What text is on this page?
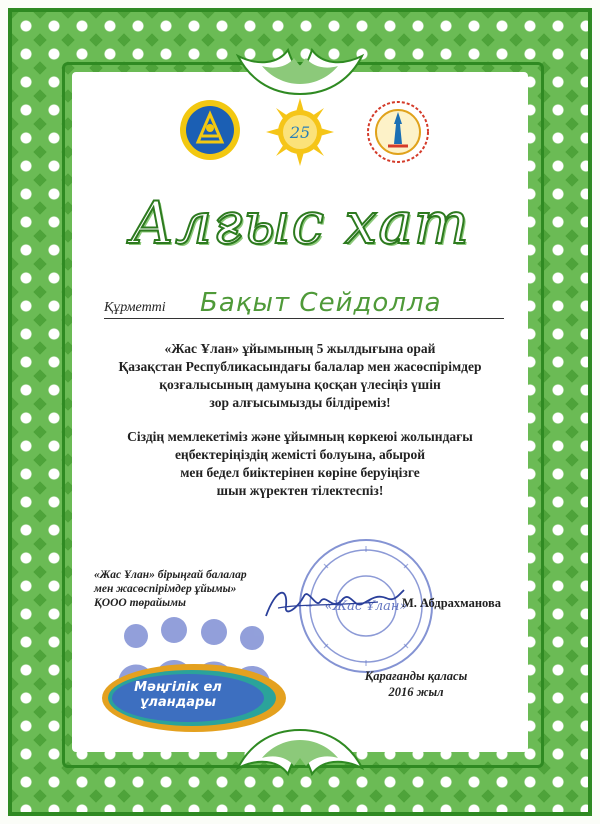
25
Алғыс хат
Құрметті Бақыт Сейдолла
«Жас Ұлан» ұйымының 5 жылдығына орай
Қазақстан Республикасындағы балалар мен жасөспірімдер
қозғалысының дамуына қосқан үлесіңіз үшін
зор алғысымызды білдіреміз!
Сіздің мемлекетіміз және ұйымның көркеюі жолындағы
еңбектеріңіздің жемісті болуына, абырой
мен бедел биіктерінен көріне беруіңізге
шын жүректен тілектеспіз!
«Жас Ұлан»
«Жас Ұлан» бірыңғай балалар
мен жасөспірімдер ұйымы»
ҚООО төрайымы	М. Абдрахманова
Мәңгілік ел
ұландары
Қарағанды қаласы
2016 жыл
